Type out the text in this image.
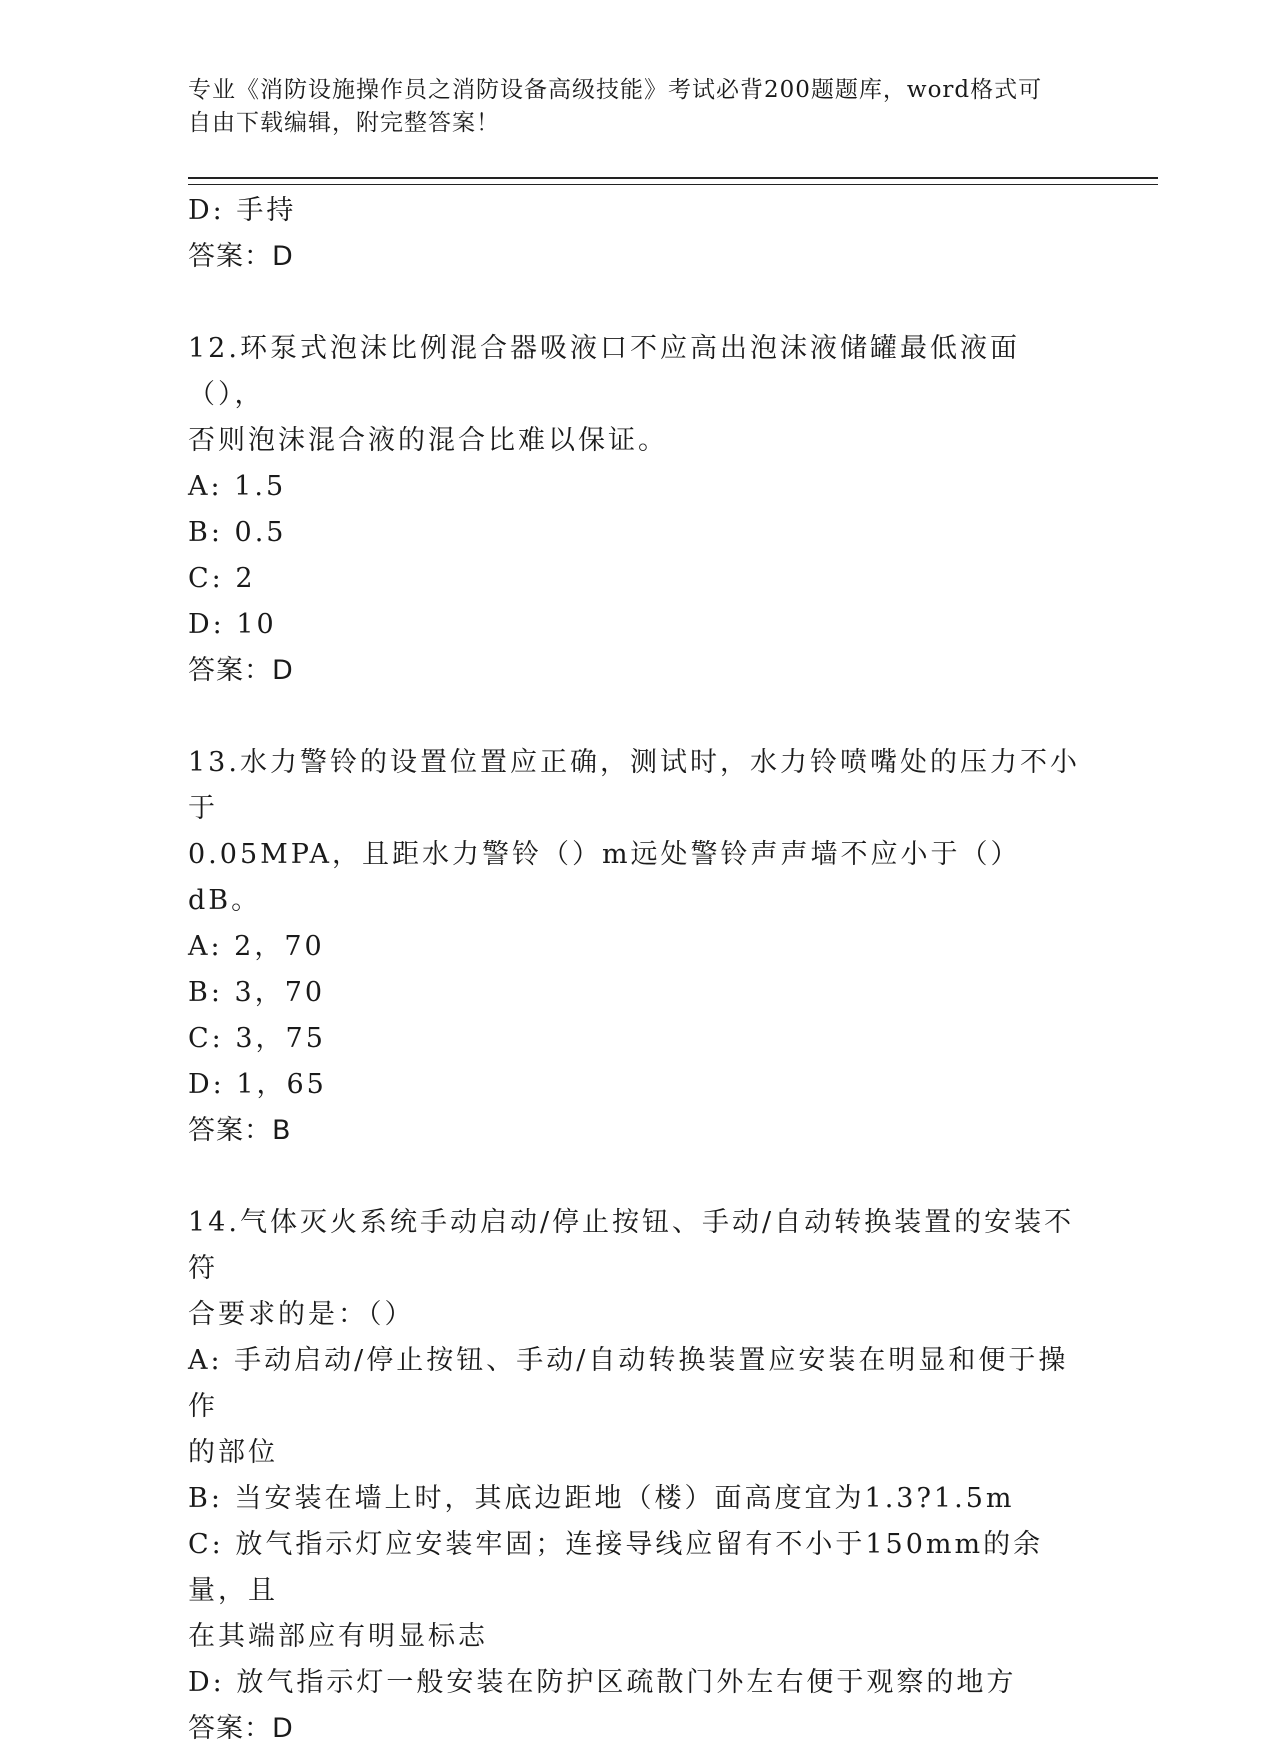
专业《消防设施操作员之消防设备高级技能》考试必背200题题库，word格式可
自由下载编辑，附完整答案！
D: 手持
答案：D
12.环泵式泡沫比例混合器吸液口不应高出泡沫液储罐最低液面（），
否则泡沫混合液的混合比难以保证。
A: 1.5
B: 0.5
C: 2
D: 10
答案：D
13.水力警铃的设置位置应正确，测试时，水力铃喷嘴处的压力不小于
0.05MPA，且距水力警铃（）m远处警铃声声墙不应小于（）dB。
A: 2，70
B: 3，70
C: 3，75
D: 1，65
答案：B
14.气体灭火系统手动启动/停止按钮、手动/自动转换装置的安装不符
合要求的是：（）
A: 手动启动/停止按钮、手动/自动转换装置应安装在明显和便于操作
的部位
B: 当安装在墙上时，其底边距地（楼）面高度宜为1.3?1.5m
C: 放气指示灯应安装牢固；连接导线应留有不小于150mm的余量，且
在其端部应有明显标志
D: 放气指示灯一般安装在防护区疏散门外左右便于观察的地方
答案：D
